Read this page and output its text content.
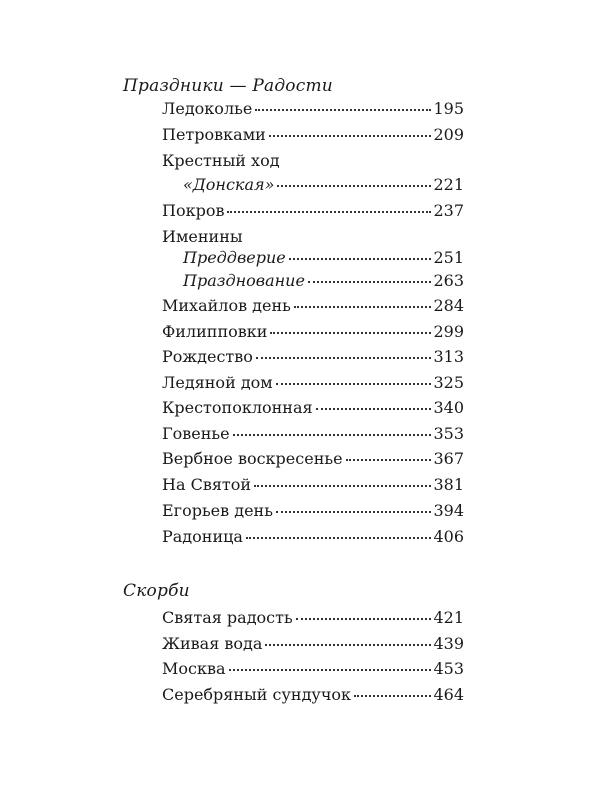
Праздники — Радости
Ледокольe	195
Петровками	209
Крестный ход
«Донская»	221
Покров	237
Именины
Преддверие	251
Празднование	263
Михайлов день	284
Филипповки	299
Рождество	313
Ледяной дом	325
Крестопоклонная	340
Говенье	353
Вербное воскресенье	367
На Святой	381
Егорьев день	394
Радоница	406
Скорби
Святая радость	421
Живая вода	439
Москва	453
Серебряный сундучок	464
